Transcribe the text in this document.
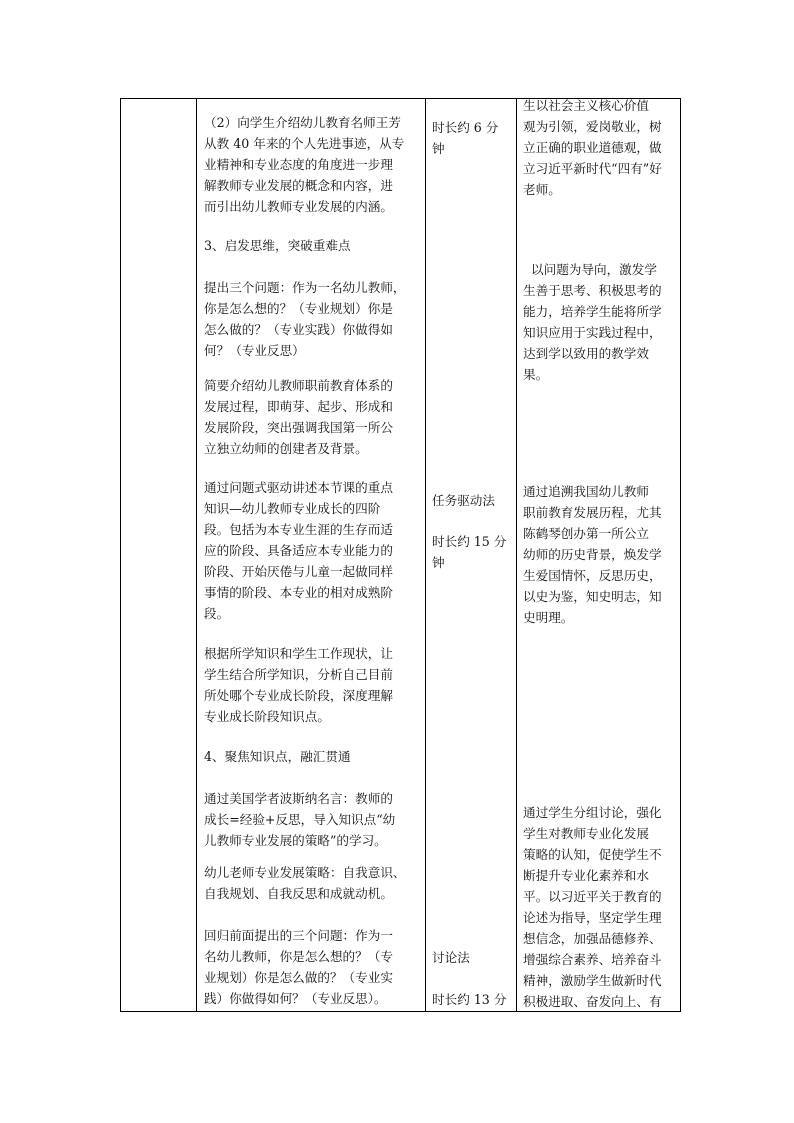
（2）向学生介绍幼儿教育名师王芳
从教 40 年来的个人先进事迹，从专
业精神和专业态度的角度进一步理
解教师专业发展的概念和内容，进
而引出幼儿教师专业发展的内涵。
3、启发思维，突破重难点
提出三个问题：作为一名幼儿教师，
你是怎么想的？（专业规划）你是
怎么做的？（专业实践）你做得如
何？（专业反思）
简要介绍幼儿教师职前教育体系的
发展过程，即萌芽、起步、形成和
发展阶段，突出强调我国第一所公
立独立幼师的创建者及背景。
通过问题式驱动讲述本节课的重点
知识—幼儿教师专业成长的四阶
段。包括为本专业生涯的生存而适
应的阶段、具备适应本专业能力的
阶段、开始厌倦与儿童一起做同样
事情的阶段、本专业的相对成熟阶
段。
根据所学知识和学生工作现状，让
学生结合所学知识，分析自己目前
所处哪个专业成长阶段，深度理解
专业成长阶段知识点。
4、聚焦知识点，融汇贯通
通过美国学者波斯纳名言：教师的
成长=经验+反思，导入知识点“幼
儿教师专业发展的策略”的学习。
幼儿老师专业发展策略：自我意识、
自我规划、自我反思和成就动机。
回归前面提出的三个问题：作为一
名幼儿教师，你是怎么想的？（专
业规划）你是怎么做的？（专业实
践）你做得如何？（专业反思）。
时长约 6 分
钟
任务驱动法
时长约 15 分
钟
讨论法
时长约 13 分
生以社会主义核心价值
观为引领，爱岗敬业，树
立正确的职业道德观，做
立习近平新时代“四有”好
老师。
以问题为导向，激发学
生善于思考、积极思考的
能力，培养学生能将所学
知识应用于实践过程中，
达到学以致用的教学效
果。
通过追溯我国幼儿教师
职前教育发展历程，尤其
陈鹤琴创办第一所公立
幼师的历史背景，焕发学
生爱国情怀，反思历史，
以史为鉴，知史明志，知
史明理。
通过学生分组讨论，强化
学生对教师专业化发展
策略的认知，促使学生不
断提升专业化素养和水
平。以习近平关于教育的
论述为指导，坚定学生理
想信念，加强品德修养、
增强综合素养、培养奋斗
精神，激励学生做新时代
积极进取、奋发向上、有
